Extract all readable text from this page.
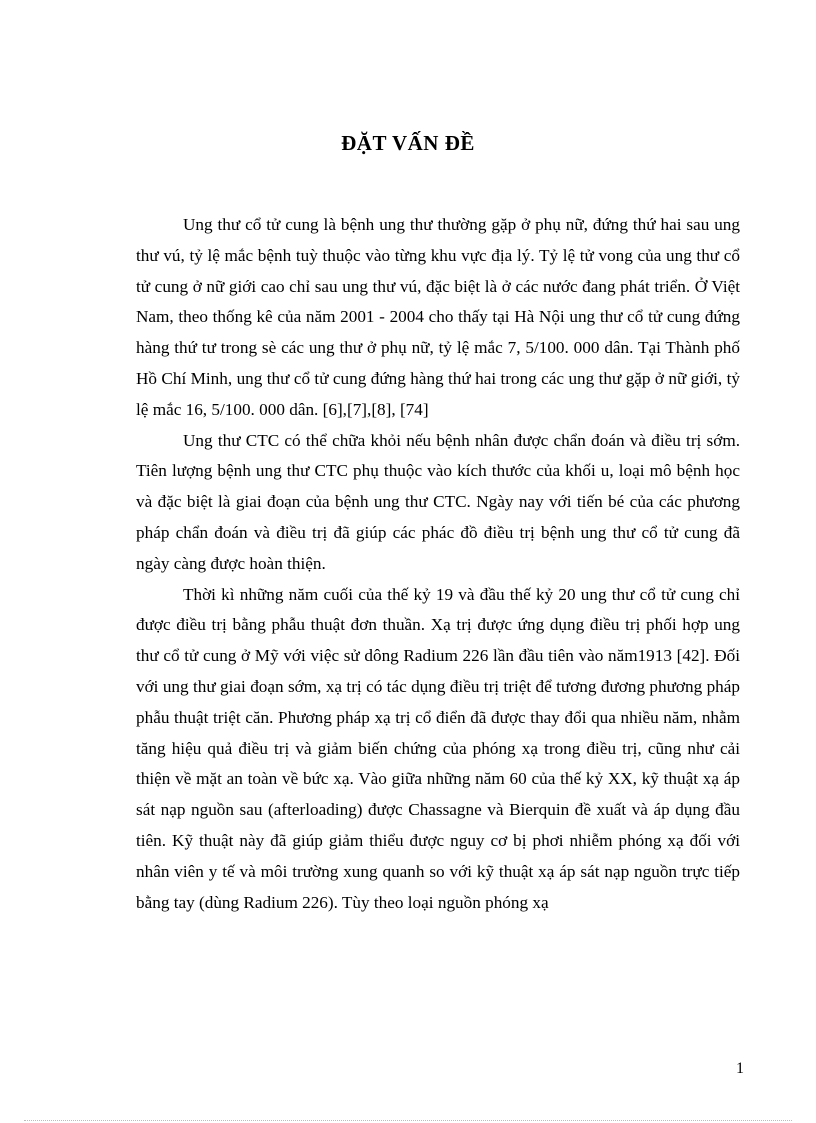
ĐẶT VẤN ĐỀ

Ung thư cổ tử cung là bệnh ung thư thường gặp ở phụ nữ, đứng thứ hai sau ung thư vú, tỷ lệ mắc bệnh tuỳ thuộc vào từng khu vực địa lý. Tỷ lệ tử vong của ung thư cổ tử cung ở nữ giới cao chỉ sau ung thư vú, đặc biệt là ở các nước đang phát triển. Ở Việt Nam, theo thống kê của năm 2001 - 2004 cho thấy tại Hà Nội ung thư cổ tử cung đứng hàng thứ tư trong sè các ung thư ở phụ nữ, tỷ lệ mắc 7, 5/100. 000 dân. Tại Thành phố Hồ Chí Minh, ung thư cổ tử cung đứng hàng thứ hai trong các ung thư gặp ở nữ giới, tỷ lệ mắc 16, 5/100. 000 dân. [6],[7],[8], [74]

Ung thư CTC có thể chữa khỏi nếu bệnh nhân được chẩn đoán và điều trị sớm. Tiên lượng bệnh ung thư CTC phụ thuộc vào kích thước của khối u, loại mô bệnh học và đặc biệt là giai đoạn của bệnh ung thư CTC. Ngày nay với tiến bé của các phương pháp chẩn đoán và điều trị đã giúp các phác đồ điều trị bệnh ung thư cổ tử cung đã ngày càng được hoàn thiện.

Thời kì những năm cuối của thế kỷ 19 và đầu thế kỷ 20 ung thư cổ tử cung chỉ được điều trị bằng phẫu thuật đơn thuần. Xạ trị được ứng dụng điều trị phối hợp ung thư cổ tử cung ở Mỹ với việc sử dông Radium 226 lần đầu tiên vào năm1913 [42]. Đối với ung thư giai đoạn sớm, xạ trị có tác dụng điều trị triệt để tương đương phương pháp phẫu thuật triệt căn. Phương pháp xạ trị cổ điển đã được thay đổi qua nhiều năm, nhằm tăng hiệu quả điều trị và giảm biến chứng của phóng xạ trong điều trị, cũng như cải thiện về mặt an toàn về bức xạ. Vào giữa những năm 60 của thế kỷ XX, kỹ thuật xạ áp sát nạp nguồn sau (afterloading) được Chassagne và Bierquin đề xuất và áp dụng đầu tiên. Kỹ thuật này đã giúp giảm thiểu được nguy cơ bị phơi nhiễm phóng xạ đối với nhân viên y tế và môi trường xung quanh so với kỹ thuật xạ áp sát nạp nguồn trực tiếp bằng tay (dùng Radium 226). Tùy theo loại nguồn phóng xạ

1
